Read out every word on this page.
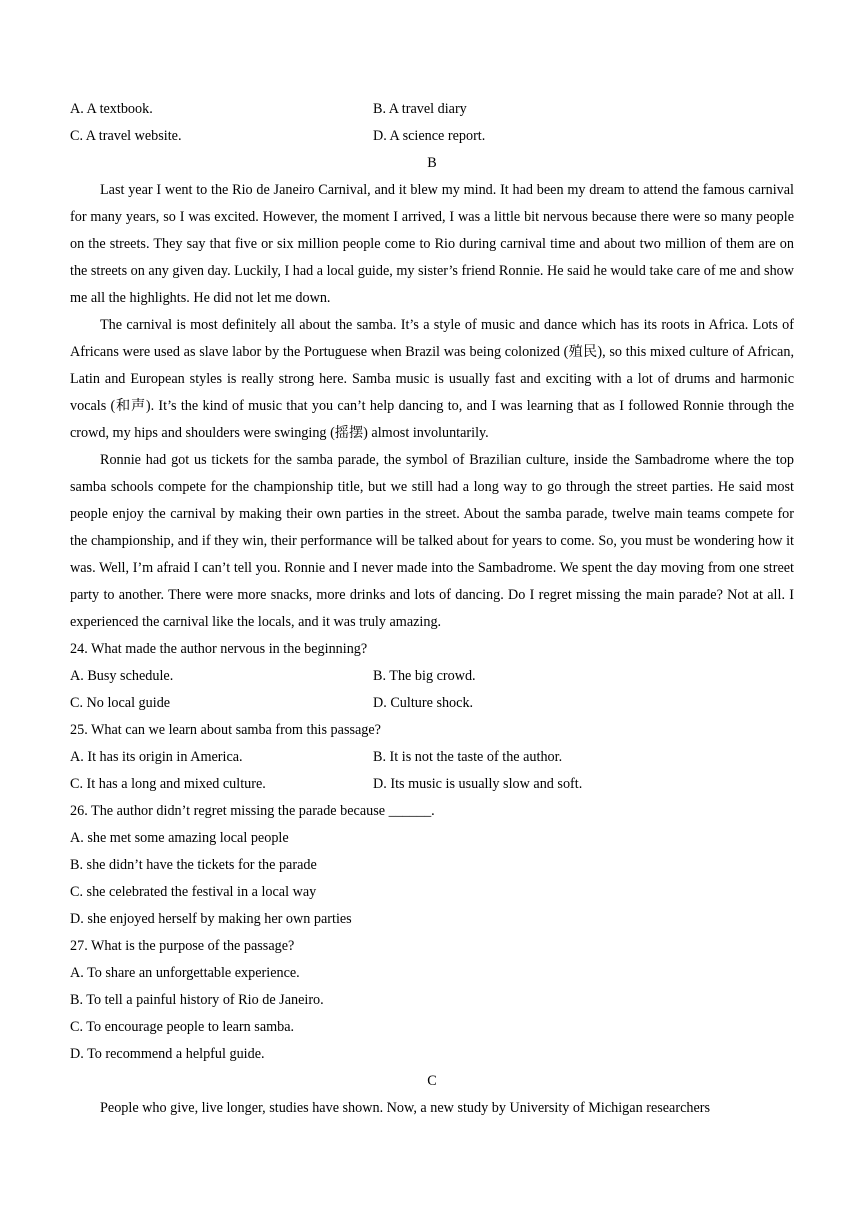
A. A textbook.	B. A travel diary
C. A travel website.	D. A science report.
B

Last year I went to the Rio de Janeiro Carnival, and it blew my mind. It had been my dream to attend the famous carnival for many years, so I was excited. However, the moment I arrived, I was a little bit nervous because there were so many people on the streets. They say that five or six million people come to Rio during carnival time and about two million of them are on the streets on any given day. Luckily, I had a local guide, my sister’s friend Ronnie. He said he would take care of me and show me all the highlights. He did not let me down.

The carnival is most definitely all about the samba. It’s a style of music and dance which has its roots in Africa. Lots of Africans were used as slave labor by the Portuguese when Brazil was being colonized (殖民), so this mixed culture of African, Latin and European styles is really strong here. Samba music is usually fast and exciting with a lot of drums and harmonic vocals (和声). It’s the kind of music that you can’t help dancing to, and I was learning that as I followed Ronnie through the crowd, my hips and shoulders were swinging (摇摆) almost involuntarily.

Ronnie had got us tickets for the samba parade, the symbol of Brazilian culture, inside the Sambadrome where the top samba schools compete for the championship title, but we still had a long way to go through the street parties. He said most people enjoy the carnival by making their own parties in the street. About the samba parade, twelve main teams compete for the championship, and if they win, their performance will be talked about for years to come. So, you must be wondering how it was. Well, I’m afraid I can’t tell you. Ronnie and I never made into the Sambadrome. We spent the day moving from one street party to another. There were more snacks, more drinks and lots of dancing. Do I regret missing the main parade? Not at all. I experienced the carnival like the locals, and it was truly amazing.

24. What made the author nervous in the beginning?
A. Busy schedule.	B. The big crowd.
C. No local guide	D. Culture shock.
25. What can we learn about samba from this passage?
A. It has its origin in America.	B. It is not the taste of the author.
C. It has a long and mixed culture.	D. Its music is usually slow and soft.
26. The author didn’t regret missing the parade because ______.
A. she met some amazing local people
B. she didn’t have the tickets for the parade
C. she celebrated the festival in a local way
D. she enjoyed herself by making her own parties
27. What is the purpose of the passage?
A. To share an unforgettable experience.
B. To tell a painful history of Rio de Janeiro.
C. To encourage people to learn samba.
D. To recommend a helpful guide.
C

People who give, live longer, studies have shown. Now, a new study by University of Michigan researchers
